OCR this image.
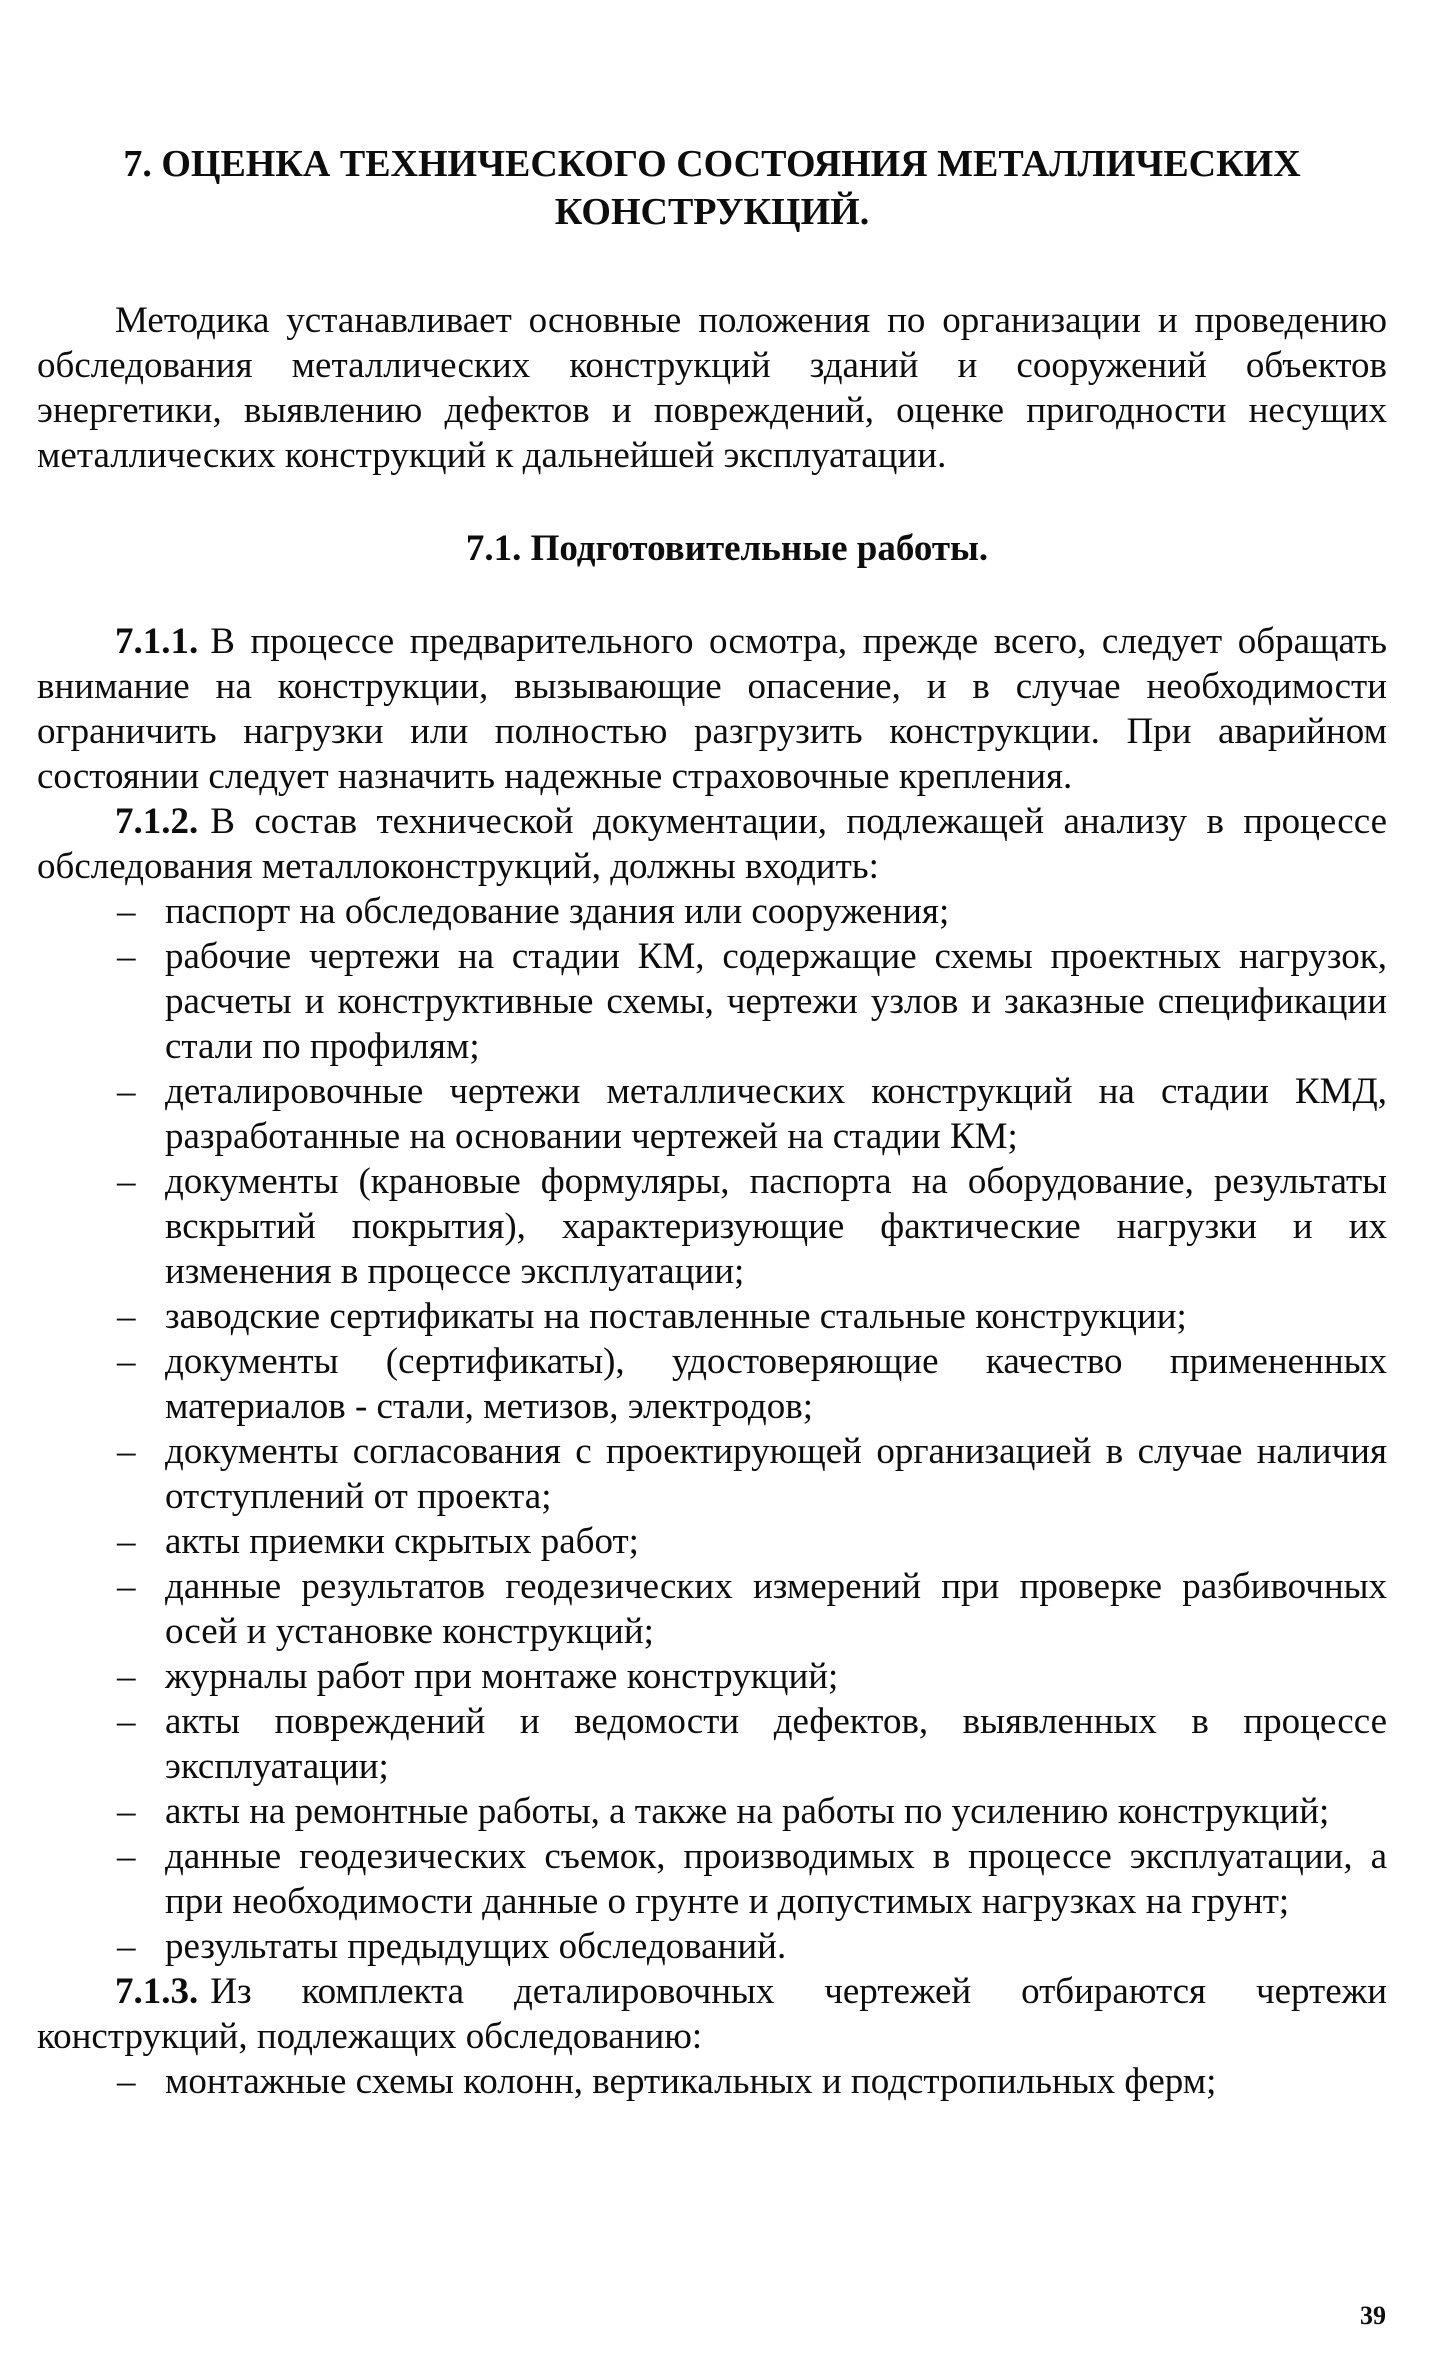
7. ОЦЕНКА ТЕХНИЧЕСКОГО СОСТОЯНИЯ МЕТАЛЛИЧЕСКИХ КОНСТРУКЦИЙ.

Методика устанавливает основные положения по организации и проведению обследования металлических конструкций зданий и сооружений объектов энергетики, выявлению дефектов и повреждений, оценке пригодности несущих металлических конструкций к дальнейшей эксплуатации.

7.1. Подготовительные работы.

7.1.1. В процессе предварительного осмотра, прежде всего, следует обращать внимание на конструкции, вызывающие опасение, и в случае необходимости ограничить нагрузки или полностью разгрузить конструкции. При аварийном состоянии следует назначить надежные страховочные крепления.

7.1.2. В состав технической документации, подлежащей анализу в процессе обследования металлоконструкций, должны входить:

– паспорт на обследование здания или сооружения;
– рабочие чертежи на стадии КМ, содержащие схемы проектных нагрузок, расчеты и конструктивные схемы, чертежи узлов и заказные спецификации стали по профилям;
– деталировочные чертежи металлических конструкций на стадии КМД, разработанные на основании чертежей на стадии КМ;
– документы (крановые формуляры, паспорта на оборудование, результаты вскрытий покрытия), характеризующие фактические нагрузки и их изменения в процессе эксплуатации;
– заводские сертификаты на поставленные стальные конструкции;
– документы (сертификаты), удостоверяющие качество примененных материалов - стали, метизов, электродов;
– документы согласования с проектирующей организацией в случае наличия отступлений от проекта;
– акты приемки скрытых работ;
– данные результатов геодезических измерений при проверке разбивочных осей и установке конструкций;
– журналы работ при монтаже конструкций;
– акты повреждений и ведомости дефектов, выявленных в процессе эксплуатации;
– акты на ремонтные работы, а также на работы по усилению конструкций;
– данные геодезических съемок, производимых в процессе эксплуатации, а при необходимости данные о грунте и допустимых нагрузках на грунт;
– результаты предыдущих обследований.

7.1.3. Из комплекта деталировочных чертежей отбираются чертежи конструкций, подлежащих обследованию:

– монтажные схемы колонн, вертикальных и подстропильных ферм;
39
